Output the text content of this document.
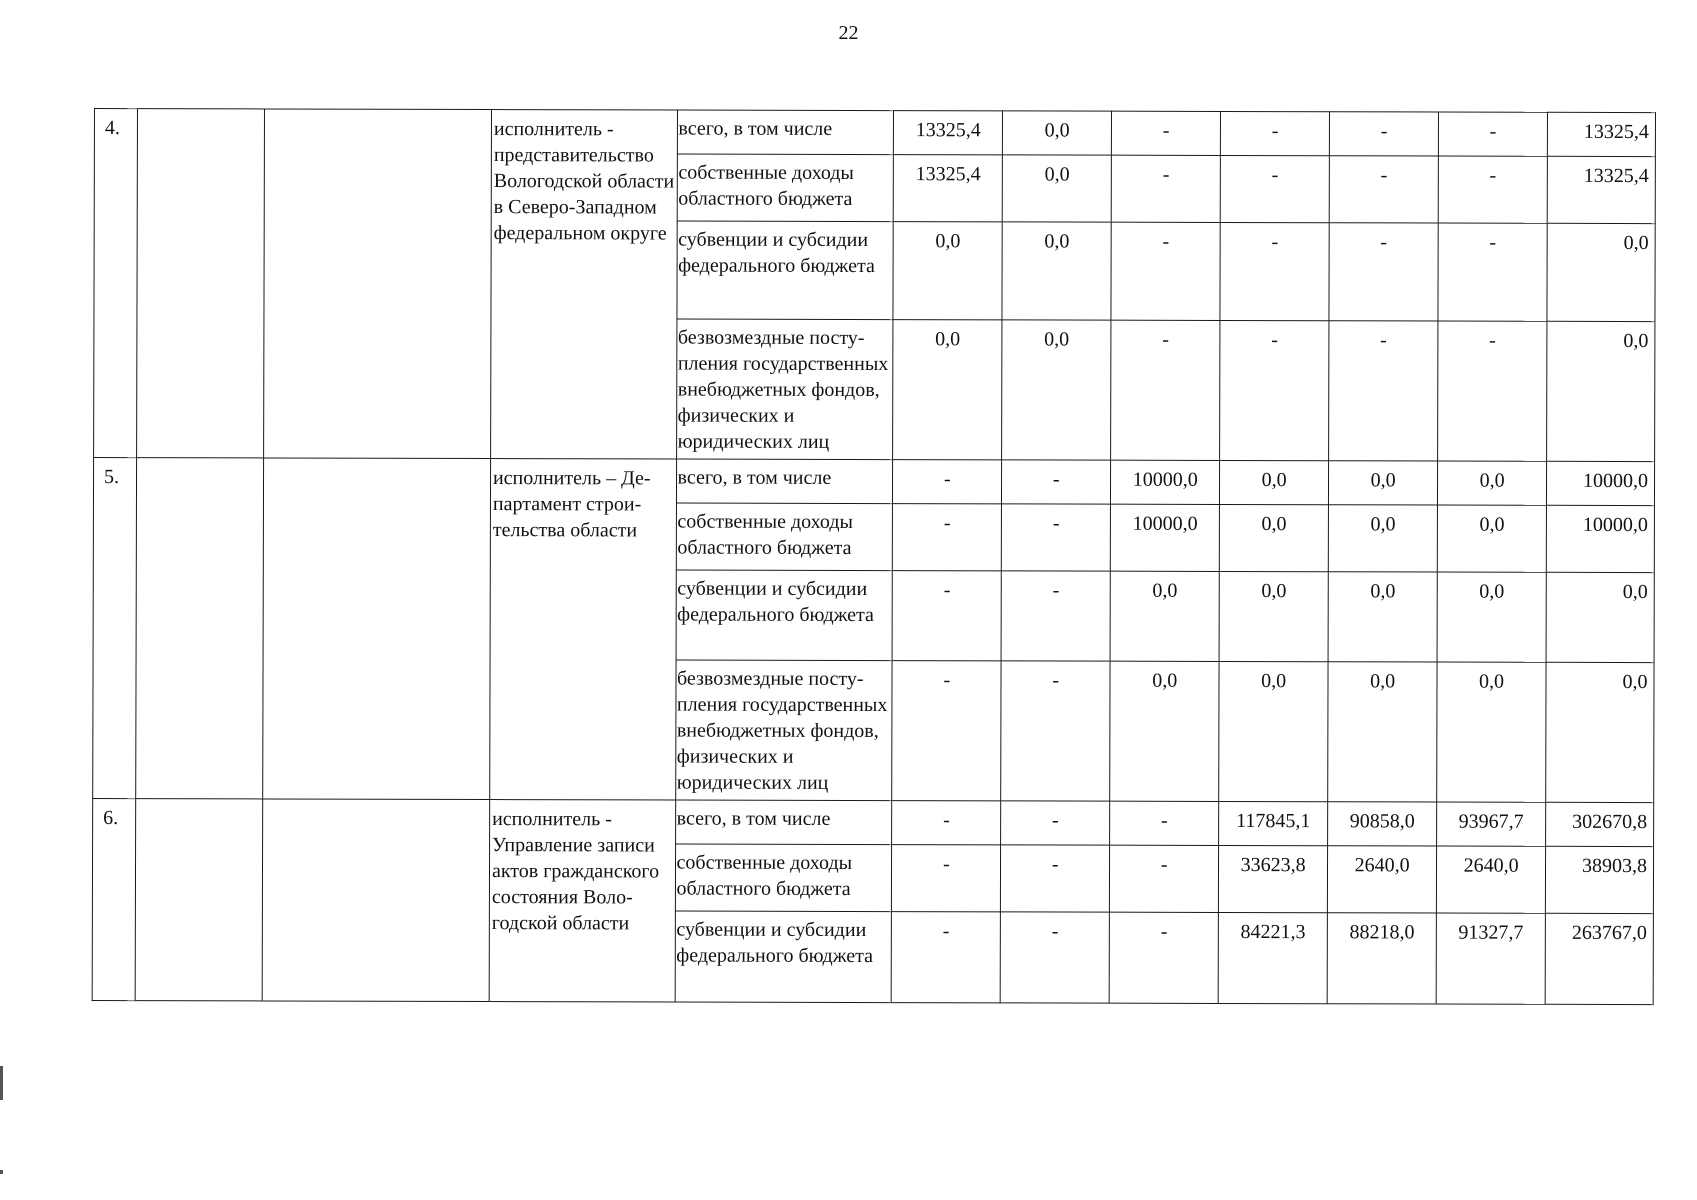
22
4.			исполнитель - представительство Вологодской области в Северо-Западном федеральном округе	всего, в том числе	13325,4	0,0	-	-	-	-	13325,4
				собственные доходы областного бюджета	13325,4	0,0	-	-	-	-	13325,4
				субвенции и субсидии федерального бюджета	0,0	0,0	-	-	-	-	0,0
				безвозмездные поступления государственных внебюджетных фондов, физических и юридических лиц	0,0	0,0	-	-	-	-	0,0
5.			исполнитель – Департамент строительства области	всего, в том числе	-	-	10000,0	0,0	0,0	0,0	10000,0
				собственные доходы областного бюджета	-	-	10000,0	0,0	0,0	0,0	10000,0
				субвенции и субсидии федерального бюджета	-	-	0,0	0,0	0,0	0,0	0,0
				безвозмездные поступления государственных внебюджетных фондов, физических и юридических лиц	-	-	0,0	0,0	0,0	0,0	0,0
6.			исполнитель - Управление записи актов гражданского состояния Вологодской области	всего, в том числе	-	-	-	117845,1	90858,0	93967,7	302670,8
				собственные доходы областного бюджета	-	-	-	33623,8	2640,0	2640,0	38903,8
				субвенции и субсидии федерального бюджета	-	-	-	84221,3	88218,0	91327,7	263767,0
